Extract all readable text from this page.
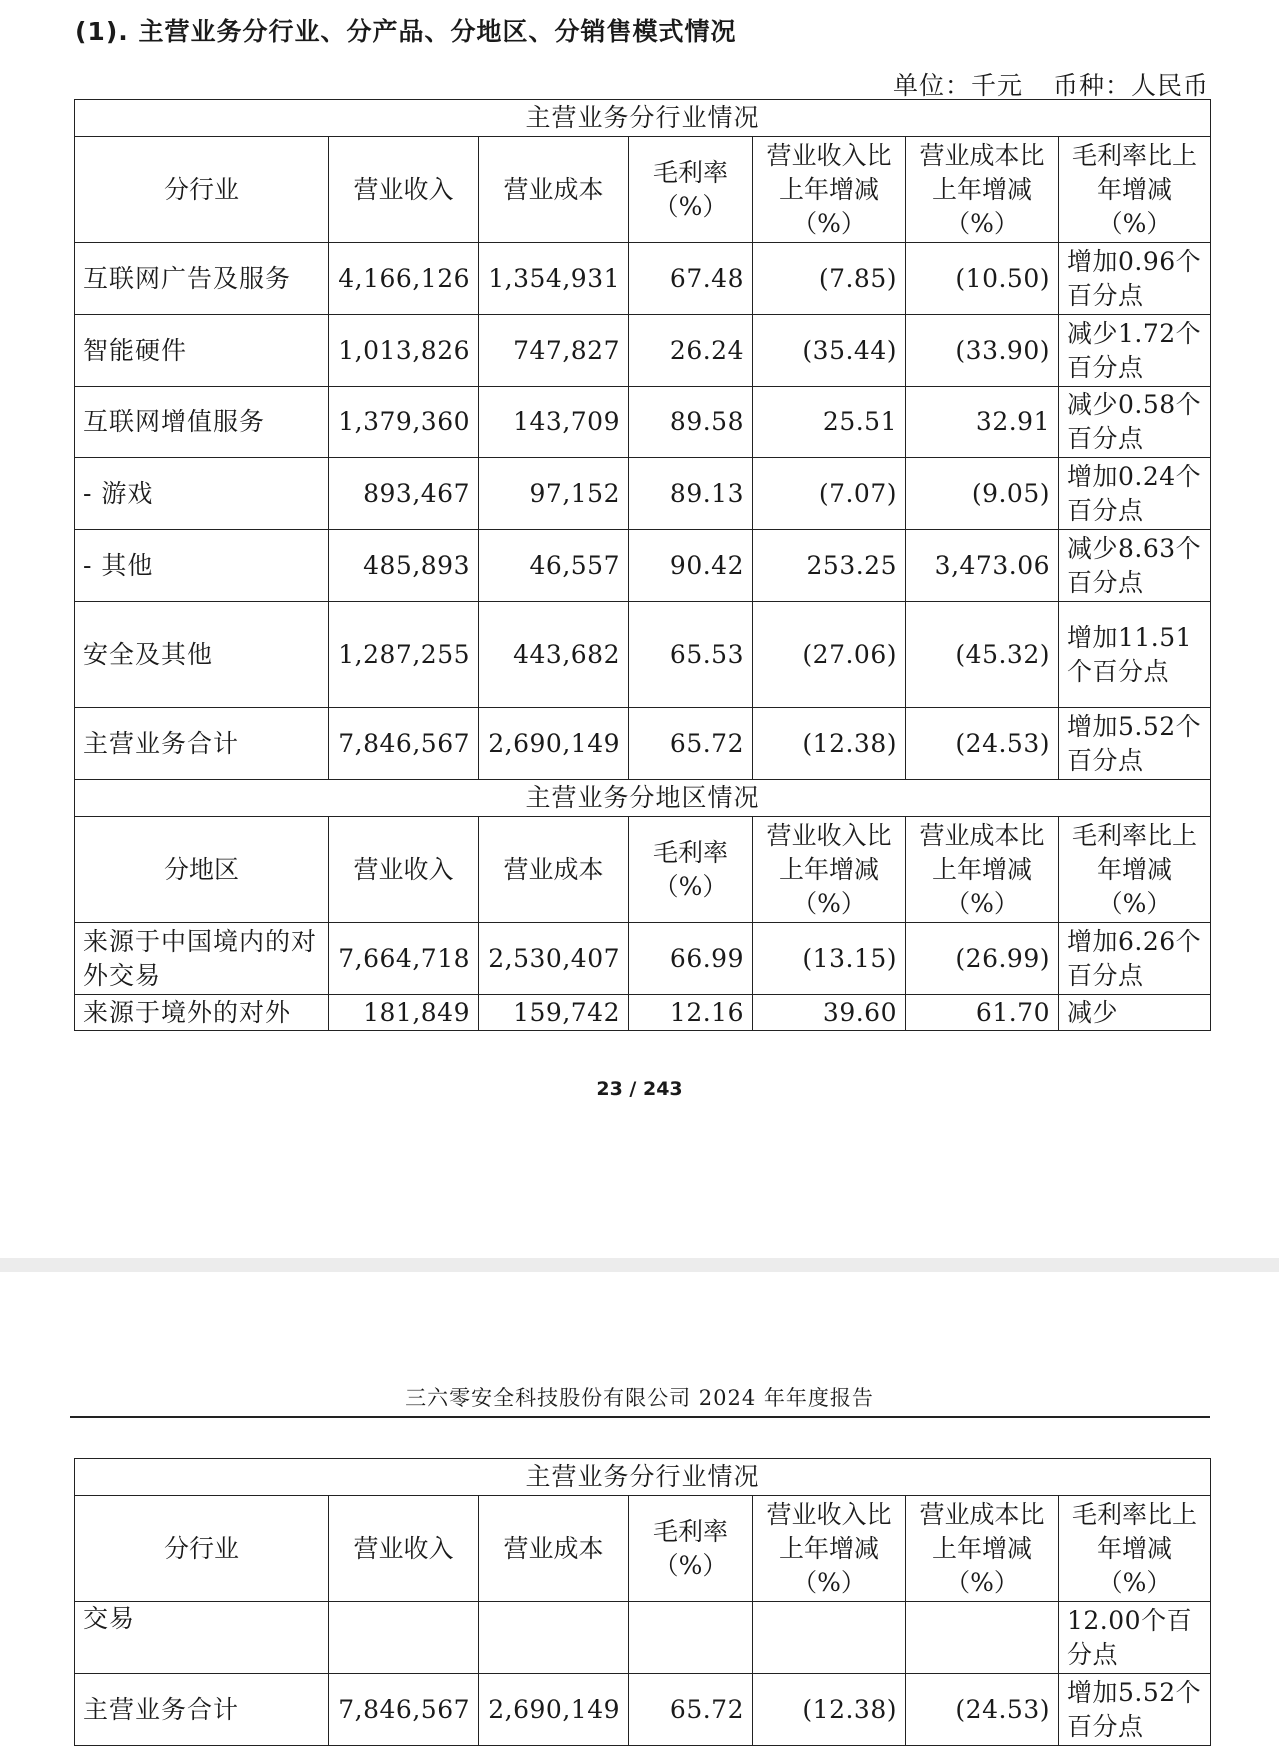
(1). 主营业务分行业、分产品、分地区、分销售模式情况
单位：千元 币种：人民币
主营业务分行业情况						
分行业	营业收入	营业成本	毛利率（%）	营业收入比上年增减（%）	营业成本比上年增减（%）	毛利率比上年增减（%）
互联网广告及服务	4,166,126	1,354,931	67.48	(7.85)	(10.50)	增加0.96个百分点
智能硬件	1,013,826	747,827	26.24	(35.44)	(33.90)	减少1.72个百分点
互联网增值服务	1,379,360	143,709	89.58	25.51	32.91	减少0.58个百分点
- 游戏	893,467	97,152	89.13	(7.07)	(9.05)	增加0.24个百分点
- 其他	485,893	46,557	90.42	253.25	3,473.06	减少8.63个百分点
安全及其他	1,287,255	443,682	65.53	(27.06)	(45.32)	增加11.51个百分点
主营业务合计	7,846,567	2,690,149	65.72	(12.38)	(24.53)	增加5.52个百分点
主营业务分地区情况						
分地区	营业收入	营业成本	毛利率（%）	营业收入比上年增减（%）	营业成本比上年增减（%）	毛利率比上年增减（%）
来源于中国境内的对外交易	7,664,718	2,530,407	66.99	(13.15)	(26.99)	增加6.26个百分点
来源于境外的对外	181,849	159,742	12.16	39.60	61.70	减少
23 / 243
三六零安全科技股份有限公司 2024 年年度报告
主营业务分行业情况						
分行业	营业收入	营业成本	毛利率（%）	营业收入比上年增减（%）	营业成本比上年增减（%）	毛利率比上年增减（%）
交易						12.00个百分点
主营业务合计	7,846,567	2,690,149	65.72	(12.38)	(24.53)	增加5.52个百分点
